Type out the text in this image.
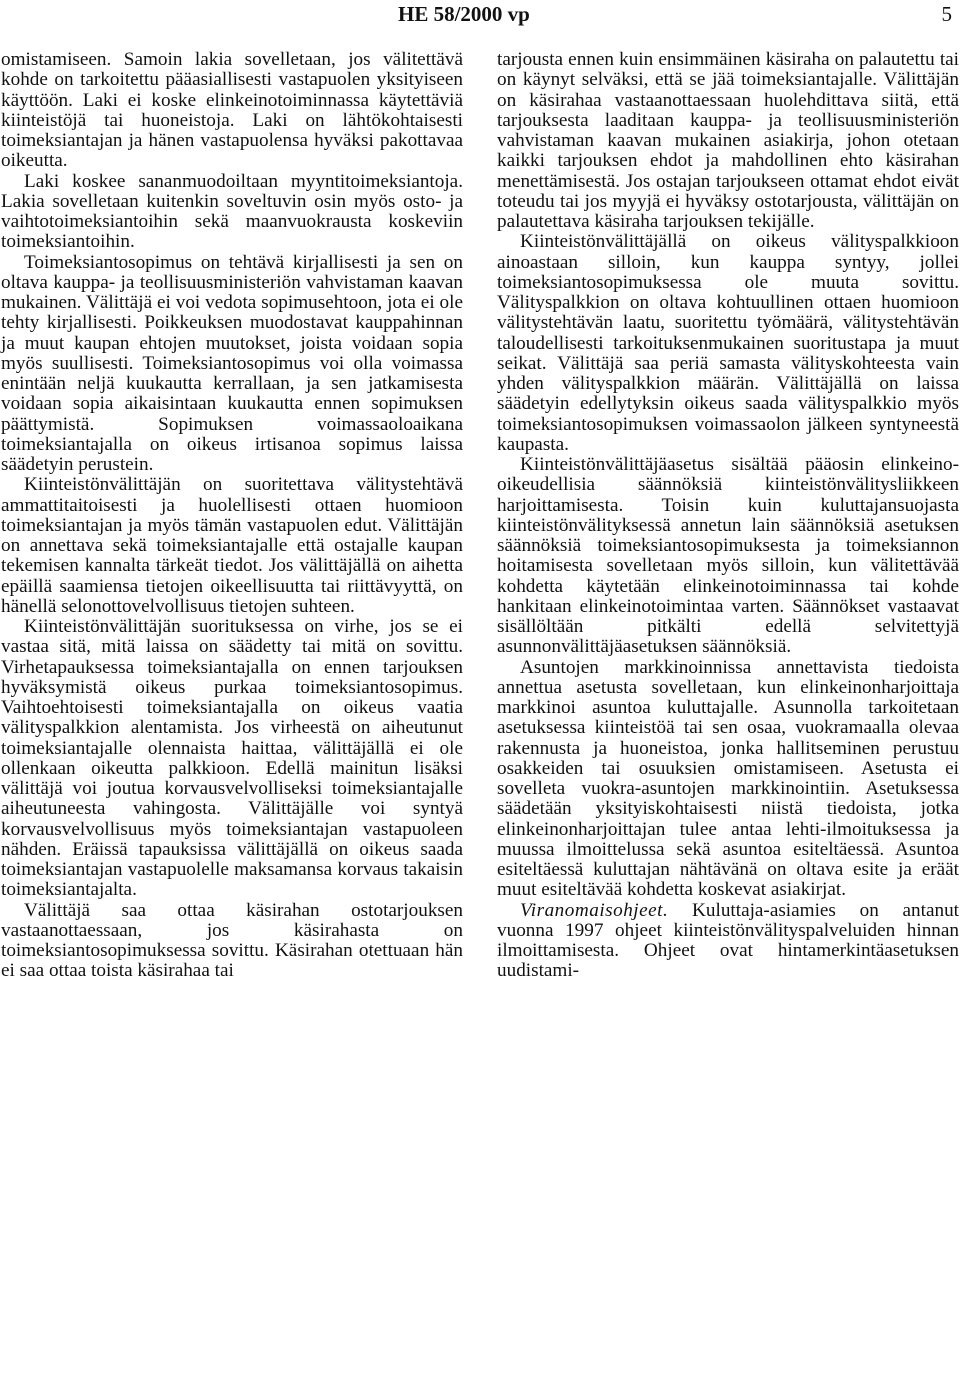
HE 58/2000 vp	5

omistamiseen. Samoin lakia sovelletaan, jos välitettävä kohde on tarkoitettu pääasiallisesti vastapuolen yksityiseen käyttöön. Laki ei koske elinkeinotoiminnassa käytettäviä kiinteistöjä tai huoneistoja. Laki on lähtökohtaisesti toimeksiantajan ja hänen vastapuolensa hyväksi pakottavaa oikeutta.

Laki koskee sananmuodoiltaan myyntitoimeksiantoja. Lakia sovelletaan kuitenkin soveltuvin osin myös osto- ja vaihtotoimeksiantoihin sekä maanvuokrausta koskeviin toimeksiantoihin.

Toimeksiantosopimus on tehtävä kirjallisesti ja sen on oltava kauppa- ja teollisuusministeriön vahvistaman kaavan mukainen. Välittäjä ei voi vedota sopimusehtoon, jota ei ole tehty kirjallisesti. Poikkeuksen muodostavat kauppahinnan ja muut kaupan ehtojen muutokset, joista voidaan sopia myös suullisesti. Toimeksiantosopimus voi olla voimassa enintään neljä kuukautta kerrallaan, ja sen jatkamisesta voidaan sopia aikaisintaan kuukautta ennen sopimuksen päättymistä. Sopimuksen voimassaoloaikana toimeksiantajalla on oikeus irtisanoa sopimus laissa säädetyin perustein.

Kiinteistönvälittäjän on suoritettava välitystehtävä ammattitaitoisesti ja huolellisesti ottaen huomioon toimeksiantajan ja myös tämän vastapuolen edut. Välittäjän on annettava sekä toimeksiantajalle että ostajalle kaupan tekemisen kannalta tärkeät tiedot. Jos välittäjällä on aihetta epäillä saamiensa tietojen oikeellisuutta tai riittävyyttä, on hänellä selonottovelvollisuus tietojen suhteen.

Kiinteistönvälittäjän suorituksessa on virhe, jos se ei vastaa sitä, mitä laissa on säädetty tai mitä on sovittu. Virhetapauksessa toimeksiantajalla on ennen tarjouksen hyväksymistä oikeus purkaa toimeksiantosopimus. Vaihtoehtoisesti toimeksiantajalla on oikeus vaatia välityspalkkion alentamista. Jos virheestä on aiheutunut toimeksiantajalle olennaista haittaa, välittäjällä ei ole ollenkaan oikeutta palkkioon. Edellä mainitun lisäksi välittäjä voi joutua korvausvelvolliseksi toimeksiantajalle aiheutuneesta vahingosta. Välittäjälle voi syntyä korvausvelvollisuus myös toimeksiantajan vastapuoleen nähden. Eräissä tapauksissa välittäjällä on oikeus saada toimeksiantajan vastapuolelle maksamansa korvaus takaisin toimeksiantajalta.

Välittäjä saa ottaa käsirahan ostotarjouksen vastaanottaessaan, jos käsirahasta on toimeksiantosopimuksessa sovittu. Käsirahan otettuaan hän ei saa ottaa toista käsirahaa tai

tarjousta ennen kuin ensimmäinen käsiraha on palautettu tai on käynyt selväksi, että se jää toimeksiantajalle. Välittäjän on käsirahaa vastaanottaessaan huolehdittava siitä, että tarjouksesta laaditaan kauppa- ja teollisuusministeriön vahvistaman kaavan mukainen asiakirja, johon otetaan kaikki tarjouksen ehdot ja mahdollinen ehto käsirahan menettämisestä. Jos ostajan tarjoukseen ottamat ehdot eivät toteudu tai jos myyjä ei hyväksy ostotarjousta, välittäjän on palautettava käsiraha tarjouksen tekijälle.

Kiinteistönvälittäjällä on oikeus välityspalkkioon ainoastaan silloin, kun kauppa syntyy, jollei toimeksiantosopimuksessa ole muuta sovittu. Välityspalkkion on oltava kohtuullinen ottaen huomioon välitystehtävän laatu, suoritettu työmäärä, välitystehtävän taloudellisesti tarkoituksenmukainen suoritustapa ja muut seikat. Välittäjä saa periä samasta välityskohteesta vain yhden välityspalkkion määrän. Välittäjällä on laissa säädetyin edellytyksin oikeus saada välityspalkkio myös toimeksiantosopimuksen voimassaolon jälkeen syntyneestä kaupasta.

Kiinteistönvälittäjäasetus sisältää pääosin elinkeino-oikeudellisia säännöksiä kiinteistönvälitysliikkeen harjoittamisesta. Toisin kuin kuluttajansuojasta kiinteistönvälityksessä annetun lain säännöksiä asetuksen säännöksiä toimeksiantosopimuksesta ja toimeksiannon hoitamisesta sovelletaan myös silloin, kun välitettävää kohdetta käytetään elinkeinotoiminnassa tai kohde hankitaan elinkeinotoimintaa varten. Säännökset vastaavat sisällöltään pitkälti edellä selvitettyjä asunnonvälittäjäasetuksen säännöksiä.

Asuntojen markkinoinnissa annettavista tiedoista annettua asetusta sovelletaan, kun elinkeinonharjoittaja markkinoi asuntoa kuluttajalle. Asunnolla tarkoitetaan asetuksessa kiinteistöä tai sen osaa, vuokramaalla olevaa rakennusta ja huoneistoa, jonka hallitseminen perustuu osakkeiden tai osuuksien omistamiseen. Asetusta ei sovelleta vuokra-asuntojen markkinointiin. Asetuksessa säädetään yksityiskohtaisesti niistä tiedoista, jotka elinkeinonharjoittajan tulee antaa lehti-ilmoituksessa ja muussa ilmoittelussa sekä asuntoa esiteltäessä. Asuntoa esiteltäessä kuluttajan nähtävänä on oltava esite ja eräät muut esiteltävää kohdetta koskevat asiakirjat.

Viranomaisohjeet. Kuluttaja-asiamies on antanut vuonna 1997 ohjeet kiinteistönvälityspalveluiden hinnan ilmoittamisesta. Ohjeet ovat hintamerkintäasetuksen uudistami-
